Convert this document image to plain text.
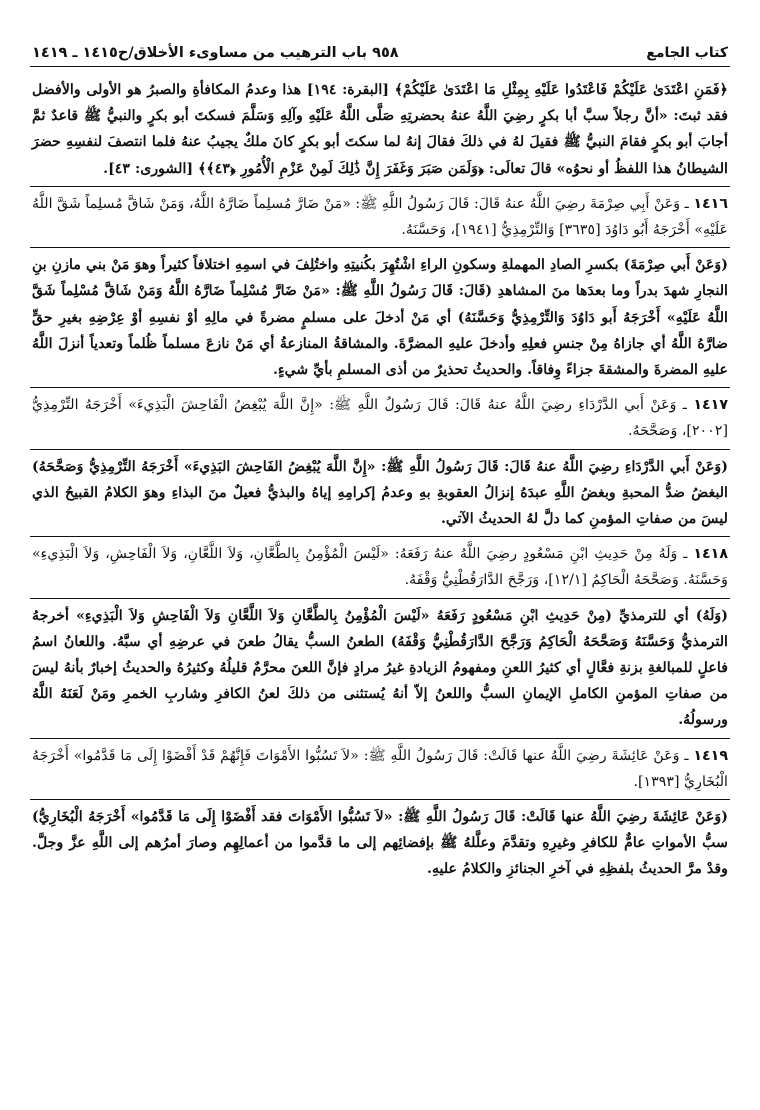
كتاب الجامع
٩٥٨ باب الترهيب من مساوىء الأخلاق/ح١٤١٥ ـ ١٤١٩

﴿فَمَنِ اعْتَدَىٰ عَلَيْكُمْ فَاعْتَدُوا عَلَيْهِ بِمِثْلِ مَا اعْتَدَىٰ عَلَيْكُمْ﴾ [البقرة: ١٩٤] هذا وعدمُ المكافأةِ والصبرُ هو الأولى والأفضل فقد ثبتَ: «أنَّ رجلاً سبَّ أبا بكرٍ رضِيَ اللَّهُ عنهُ بحضرتِهِ صَلَّى اللَّهُ عَلَيْهِ وآلِهِ وَسَلَّمَ فسكتَ أبو بكرٍ والنبيُّ ﷺ قاعدٌ ثمَّ أجابَ أبو بكرٍ فقامَ النبيُّ ﷺ فقيلَ لهُ في ذلكَ فقالَ إنهُ لما سكتَ أبو بكرٍ كانَ ملكٌ يجيبُ عنهُ فلما انتصفَ لنفسِهِ حضرَ الشيطانُ هذا اللفظُ أو نحوُه» قالَ تعالَى: ﴿وَلَمَن صَبَرَ وَغَفَرَ إِنَّ ذَٰلِكَ لَمِنْ عَزْمِ الْأُمُورِ ﴿٤٣﴾﴾ [الشورى: ٤٣].

١٤١٦ ـ وَعَنْ أَبِي صِرْمَةَ رضِيَ اللَّهُ عنهُ قَالَ: قَالَ رَسُولُ اللَّهِ ﷺ: «مَنْ ضَارَّ مُسلِماً ضَارَّهُ اللَّهُ، وَمَنْ شَاقَّ مُسلِماً شَقَّ اللَّهُ عَلَيْهِ» أَخْرَجَهُ أَبُو دَاوُدَ [٣٦٣٥] وَالتِّرْمِذِيُّ [١٩٤١]، وَحَسَّنَهُ.

(وَعَنْ أَبي صِرْمَةَ) بكسرِ الصادِ المهملةِ وسكونِ الراءِ اشْتُهِرَ بكُنيتِهِ واختُلِفَ في اسمِهِ اختلافاً كثيراً وهوَ مَنْ بني مازنِ بنِ النجارِ شهدَ بدراً وما بعدَها منَ المشاهدِ (قَالَ: قَالَ رَسُولُ اللَّهِ ﷺ: «مَنْ ضَارَّ مُسْلِماً ضَارَّهُ اللَّهُ وَمَنْ شَاقَّ مُسْلِماً شَقَّ اللَّهُ عَلَيْهِ» أَخْرَجَهُ أَبو دَاوُدَ وَالتِّرْمِذِيُّ وَحَسَّنَهُ) أي مَنْ أدخلَ على مسلمٍ مضرةً في مالِهِ أوْ نفسِهِ أوْ عِرْضِهِ بغيرِ حقٍّ ضارَّهُ اللَّهُ أي جازاهُ مِنْ جنسِ فعلِهِ وأدخلَ عليهِ المضرَّةَ. والمشاقةُ المنازعةُ أي مَنْ نازعَ مسلماً ظُلماً وتعدياً أنزلَ اللَّهُ عليهِ المضرةَ والمشقةَ جزاءً وِفاقاً. والحديثُ تحذيرٌ من أذى المسلمِ بأيِّ شيءٍ.

١٤١٧ ـ وَعَنْ أَبي الدَّرْدَاءِ رضِيَ اللَّهُ عنهُ قَالَ: قَالَ رَسُولُ اللَّهِ ﷺ: «إِنَّ اللَّهَ يُبْغِضُ الْفَاحِشَ الْبَذِيءَ» أَخْرَجَهُ التِّرْمِذِيُّ [٢٠٠٢]، وَصَحَّحَهُ.

(وَعَنْ أَبي الدَّرْدَاءِ رضِيَ اللَّهُ عنهُ قَالَ: قَالَ رَسُولُ اللَّهِ ﷺ: «إِنَّ اللَّهَ يُبْغِضُ الفَاحِشَ البَذِيءَ» أَخْرَجَهُ التِّرْمِذِيُّ وَصَحَّحَهُ) البغضُ ضدُّ المحبةِ وبغضُ اللَّهِ عبدَهُ إنزالُ العقوبةِ بهِ وعدمُ إكرامِهِ إياهُ والبذيُّ فعيلٌ منَ البذاءِ وهوَ الكلامُ القبيحُ الذي ليسَ من صفاتِ المؤمنِ كما دلَّ لهُ الحديثُ الآتي.

١٤١٨ ـ وَلَهُ مِنْ حَدِيثِ ابْنِ مَسْعُودٍ رضِيَ اللَّهُ عنهُ رَفَعَهُ: «لَيْسَ الْمُؤْمِنُ بِالطَّعَّانِ، وَلاَ اللَّعَّانِ، وَلاَ الْفَاحِشِ، وَلاَ الْبَذِيءِ» وَحَسَّنَهُ. وَصَحَّحَهُ الْحَاكِمُ [١٢/١]، وَرَجَّحَ الدَّارَقُطْنِيُّ وَقْفَهُ.

(وَلَهُ) أي للترمذيِّ (مِنْ حَدِيثِ ابْنِ مَسْعُودٍ رَفَعَهُ «لَيْسَ الْمُؤْمِنُ بِالطَّعَّانِ وَلاَ اللَّعَّانِ وَلاَ الْفَاحِشِ وَلاَ الْبَذِيءِ» أخرجهُ الترمذيُّ وَحَسَّنَهُ وَصَحَّحَهُ الْحَاكِمُ وَرَجَّحَ الدَّارَقُطْنِيُّ وَقْفَهُ) الطعنُ السبُّ يقالُ طعنَ في عرضِهِ أي سبَّهُ. واللعانُ اسمُ فاعلٍ للمبالغةِ بزنةِ فعَّالٍ أي كثيرُ اللعنِ ومفهومُ الزيادةِ غيرُ مرادٍ فإنَّ اللعنَ محرَّمٌ قليلُهُ وكثيرُهُ والحديثُ إخبارٌ بأنهُ ليسَ من صفاتِ المؤمنِ الكاملِ الإيمانِ السبُّ واللعنُ إلاّ أنهُ يُستثنى من ذلكَ لعنُ الكافرِ وشاربِ الخمرِ ومَنْ لَعَنَهُ اللَّهُ ورسولُهُ.

١٤١٩ ـ وَعَنْ عَائِشَةَ رضِيَ اللَّهُ عنها قَالَتْ: قَالَ رَسُولُ اللَّهِ ﷺ: «لاَ تَسُبُّوا الأَمْوَاتَ فَإِنَّهُمْ قَدْ أَفْضَوْا إِلَى مَا قَدَّمُوا» أَخْرَجَهُ الْبُخَارِيُّ [١٣٩٣].

(وَعَنْ عَائِشَةَ رضِيَ اللَّهُ عنها قَالَتْ: قَالَ رَسُولُ اللَّهِ ﷺ: «لاَ تَسُبُّوا الأَمْوَاتَ فقد أَفْضَوْا إِلَى مَا قَدَّمُوا» أَخْرَجَهُ الْبُخَارِيُّ) سبُّ الأمواتِ عامٌّ للكافرِ وغيرِهِ وتقدَّمَ وعلَّلهُ ﷺ بإفضائِهم إلى ما قدَّموا من أعمالِهِم وصارَ أمرُهم إلى اللَّهِ عزَّ وجلَّ. وقدْ مرَّ الحديثُ بلفظِهِ في آخرِ الجنائزِ والكلامُ عليهِ.
